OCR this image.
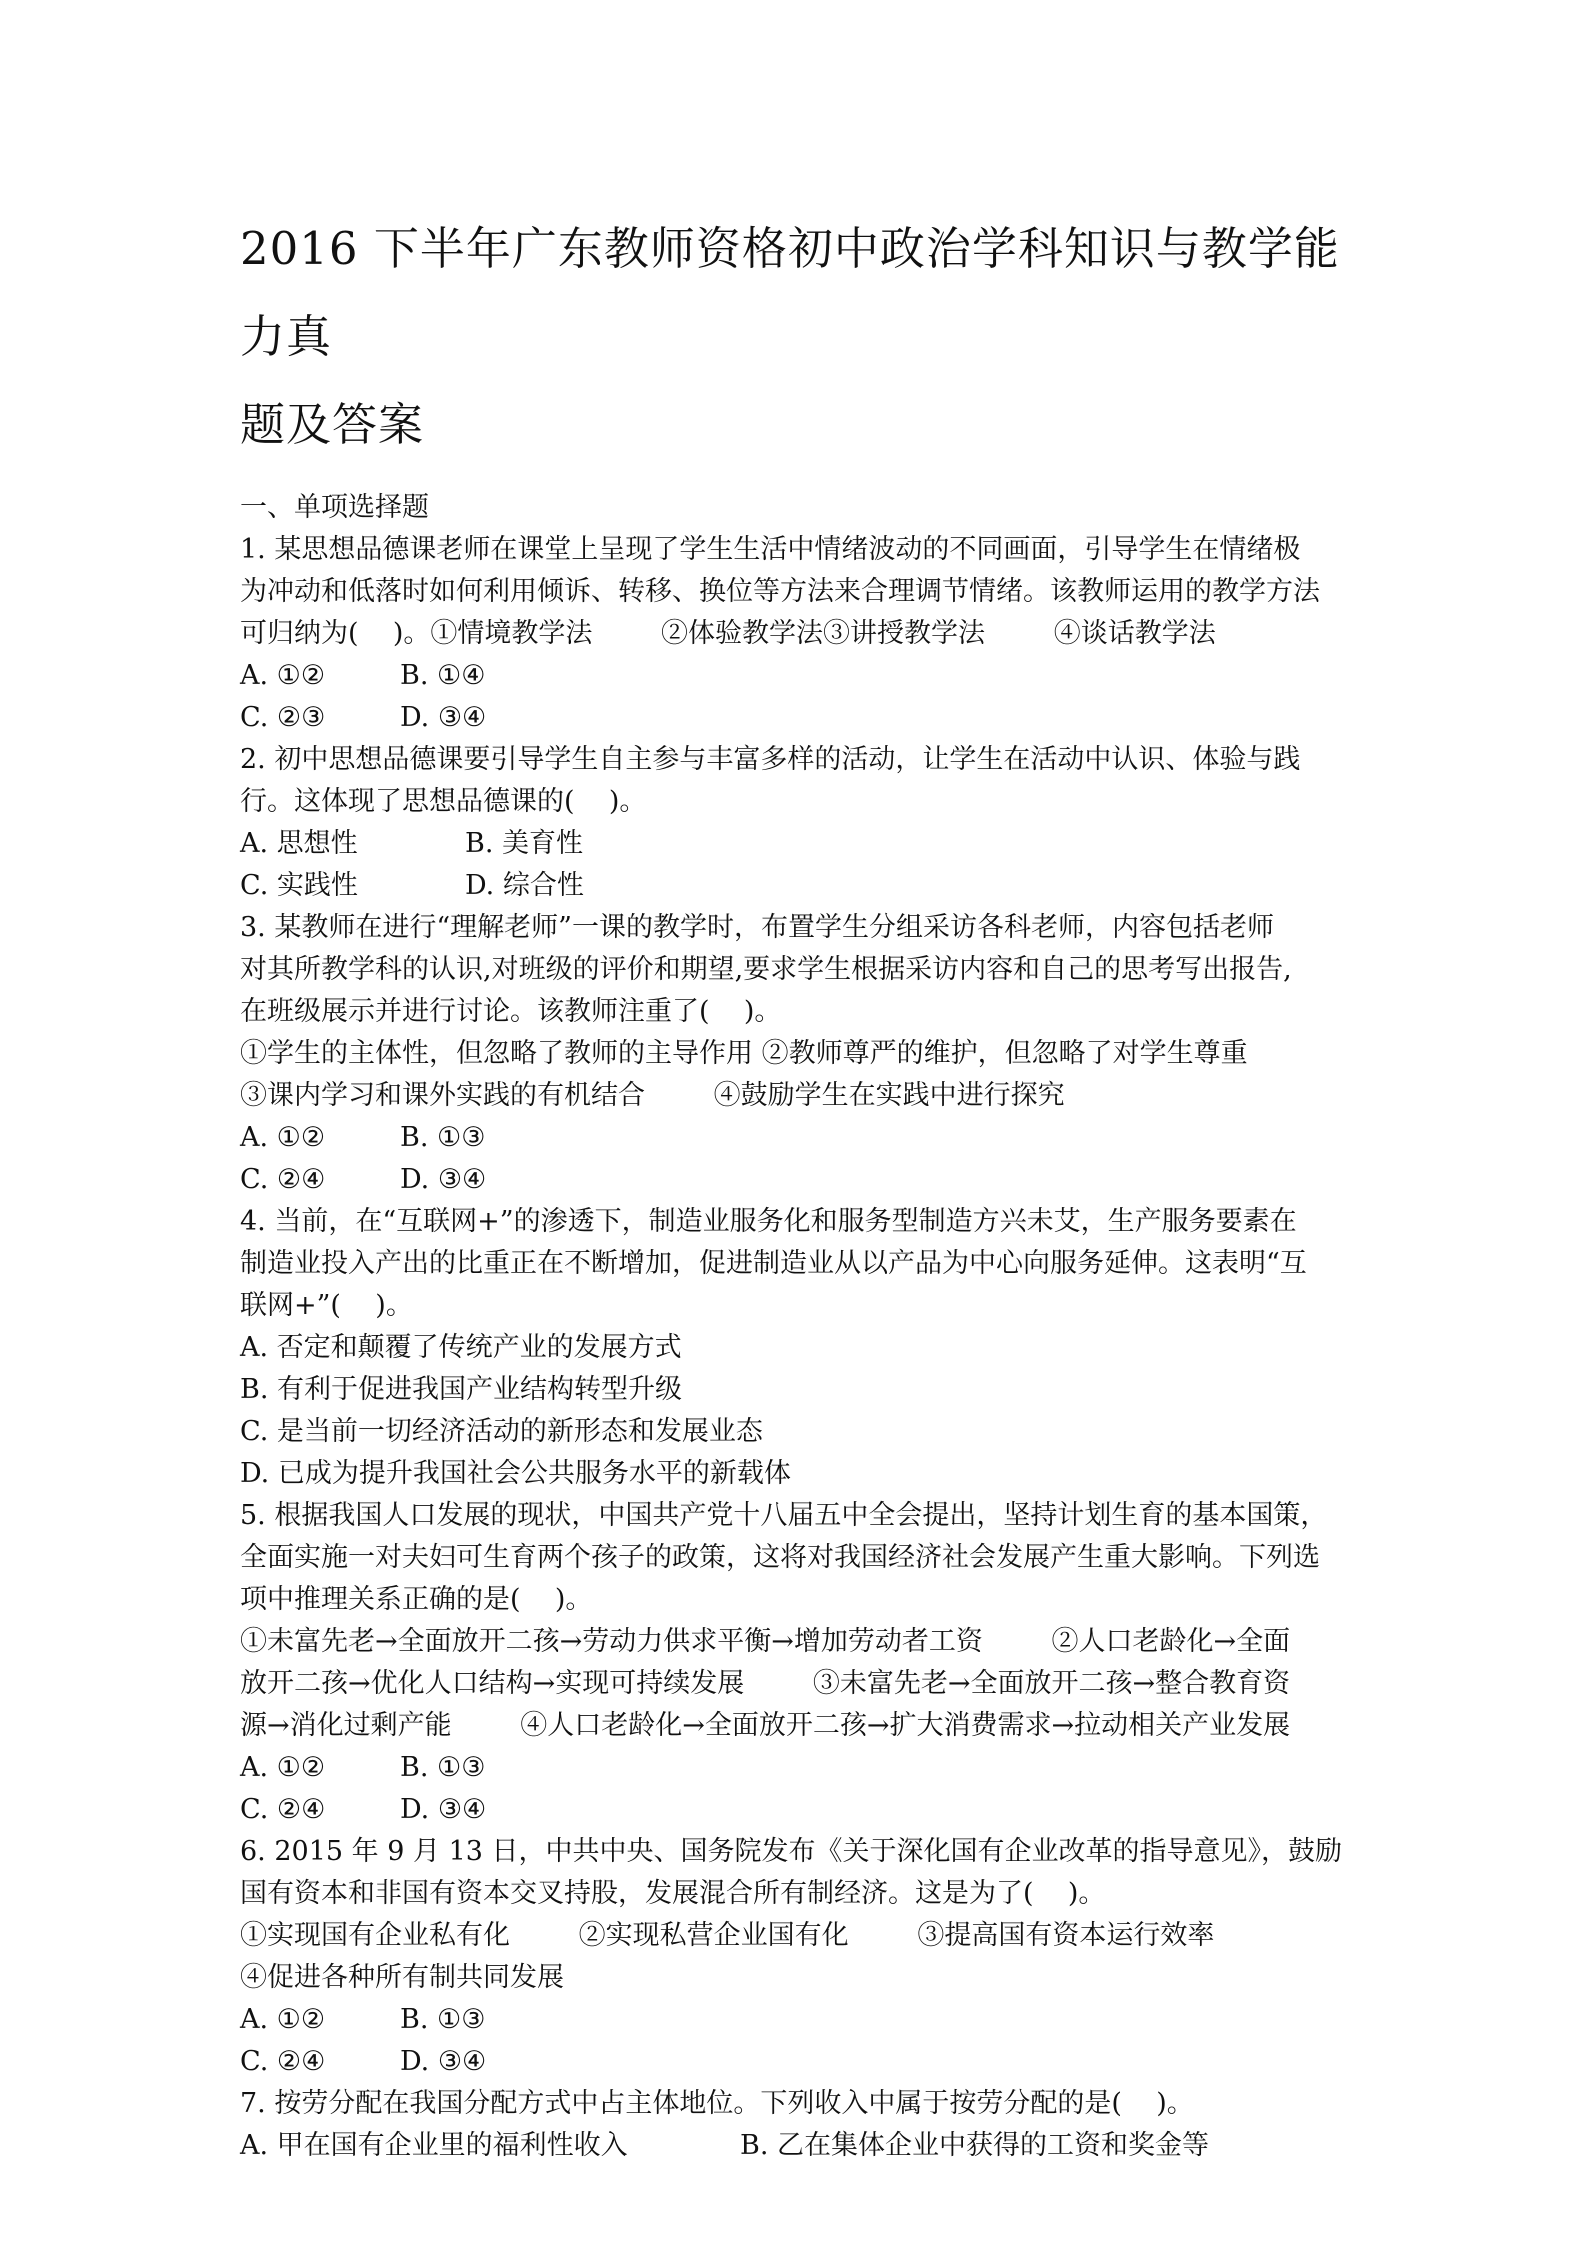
2016 下半年广东教师资格初中政治学科知识与教学能力真
题及答案
一、单项选择题
1. 某思想品德课老师在课堂上呈现了学生生活中情绪波动的不同画面，引导学生在情绪极
为冲动和低落时如何利用倾诉、转移、换位等方法来合理调节情绪。该教师运用的教学方法
可归纳为(    )。①情境教学法        ②体验教学法③讲授教学法        ④谈话教学法
A. ①②	B. ①④
C. ②③	D. ③④
2. 初中思想品德课要引导学生自主参与丰富多样的活动，让学生在活动中认识、体验与践
行。这体现了思想品德课的(    )。
A. 思想性	B. 美育性
C. 实践性	D. 综合性
3. 某教师在进行“理解老师”一课的教学时，布置学生分组采访各科老师，内容包括老师
对其所教学科的认识,对班级的评价和期望,要求学生根据采访内容和自己的思考写出报告,
在班级展示并进行讨论。该教师注重了(    )。
①学生的主体性，但忽略了教师的主导作用 ②教师尊严的维护，但忽略了对学生尊重
③课内学习和课外实践的有机结合        ④鼓励学生在实践中进行探究
A. ①②	B. ①③
C. ②④	D. ③④
4. 当前，在“互联网+”的渗透下，制造业服务化和服务型制造方兴未艾，生产服务要素在
制造业投入产出的比重正在不断增加，促进制造业从以产品为中心向服务延伸。这表明“互
联网+”(    )。
A. 否定和颠覆了传统产业的发展方式
B. 有利于促进我国产业结构转型升级
C. 是当前一切经济活动的新形态和发展业态
D. 已成为提升我国社会公共服务水平的新载体
5. 根据我国人口发展的现状，中国共产党十八届五中全会提出，坚持计划生育的基本国策，
全面实施一对夫妇可生育两个孩子的政策，这将对我国经济社会发展产生重大影响。下列选
项中推理关系正确的是(    )。
①未富先老→全面放开二孩→劳动力供求平衡→增加劳动者工资        ②人口老龄化→全面
放开二孩→优化人口结构→实现可持续发展        ③未富先老→全面放开二孩→整合教育资
源→消化过剩产能        ④人口老龄化→全面放开二孩→扩大消费需求→拉动相关产业发展
A. ①②	B. ①③
C. ②④	D. ③④
6. 2015 年 9 月 13 日，中共中央、国务院发布《关于深化国有企业改革的指导意见》，鼓励
国有资本和非国有资本交叉持股，发展混合所有制经济。这是为了(    )。
①实现国有企业私有化        ②实现私营企业国有化        ③提高国有资本运行效率
④促进各种所有制共同发展
A. ①②	B. ①③
C. ②④	D. ③④
7. 按劳分配在我国分配方式中占主体地位。下列收入中属于按劳分配的是(    )。
A. 甲在国有企业里的福利性收入	B. 乙在集体企业中获得的工资和奖金等
